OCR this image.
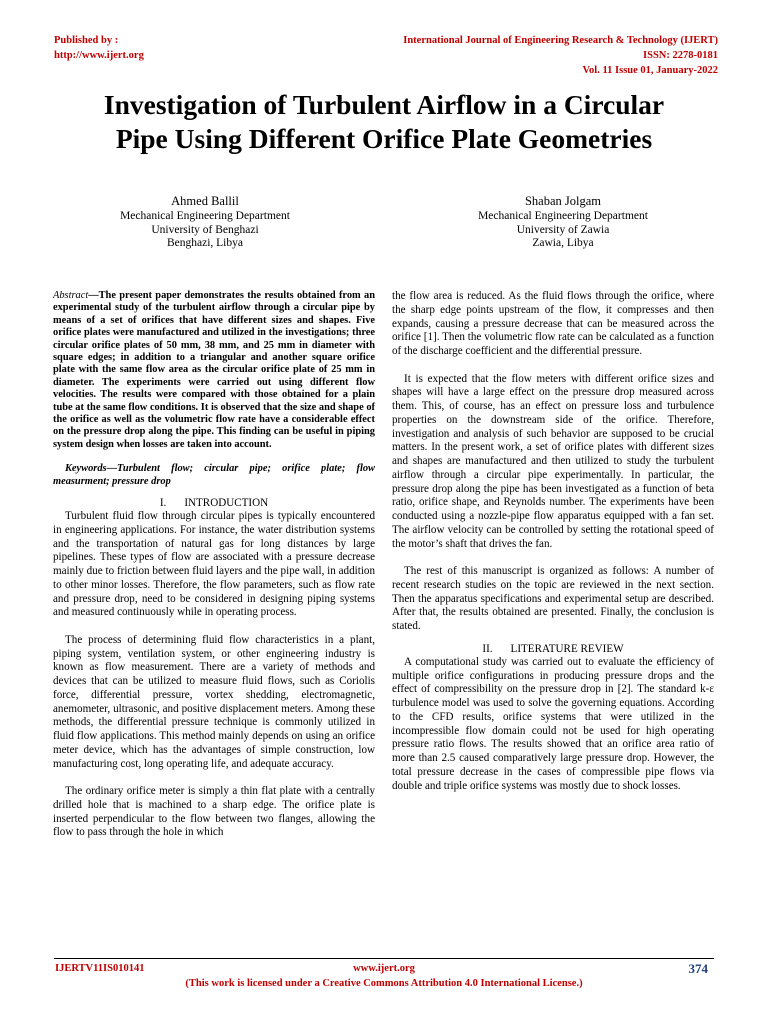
Published by :
http://www.ijert.org
International Journal of Engineering Research & Technology (IJERT)
ISSN: 2278-0181
Vol. 11 Issue 01, January-2022
Investigation of Turbulent Airflow in a Circular
Pipe Using Different Orifice Plate Geometries
Ahmed Ballil
Mechanical Engineering Department
University of Benghazi
Benghazi, Libya
Shaban Jolgam
Mechanical Engineering Department
University of Zawia
Zawia, Libya

Abstract—The present paper demonstrates the results obtained from an experimental study of the turbulent airflow through a circular pipe by means of a set of orifices that have different sizes and shapes. Five orifice plates were manufactured and utilized in the investigations; three circular orifice plates of 50 mm, 38 mm, and 25 mm in diameter with square edges; in addition to a triangular and another square orifice plate with the same flow area as the circular orifice plate of 25 mm in diameter. The experiments were carried out using different flow velocities. The results were compared with those obtained for a plain tube at the same flow conditions. It is observed that the size and shape of the orifice as well as the volumetric flow rate have a considerable effect on the pressure drop along the pipe. This finding can be useful in piping system design when losses are taken into account.

Keywords—Turbulent flow; circular pipe; orifice plate; flow measurment; pressure drop

I. INTRODUCTION

Turbulent fluid flow through circular pipes is typically encountered in engineering applications. For instance, the water distribution systems and the transportation of natural gas for long distances by large pipelines. These types of flow are associated with a pressure decrease mainly due to friction between fluid layers and the pipe wall, in addition to other minor losses. Therefore, the flow parameters, such as flow rate and pressure drop, need to be considered in designing piping systems and measured continuously while in operating process.

The process of determining fluid flow characteristics in a plant, piping system, ventilation system, or other engineering industry is known as flow measurement. There are a variety of methods and devices that can be utilized to measure fluid flows, such as Coriolis force, differential pressure, vortex shedding, electromagnetic, anemometer, ultrasonic, and positive displacement meters. Among these methods, the differential pressure technique is commonly utilized in fluid flow applications. This method mainly depends on using an orifice meter device, which has the advantages of simple construction, low manufacturing cost, long operating life, and adequate accuracy.

The ordinary orifice meter is simply a thin flat plate with a centrally drilled hole that is machined to a sharp edge. The orifice plate is inserted perpendicular to the flow between two flanges, allowing the flow to pass through the hole in which

the flow area is reduced. As the fluid flows through the orifice, where the sharp edge points upstream of the flow, it compresses and then expands, causing a pressure decrease that can be measured across the orifice [1]. Then the volumetric flow rate can be calculated as a function of the discharge coefficient and the differential pressure.

It is expected that the flow meters with different orifice sizes and shapes will have a large effect on the pressure drop measured across them. This, of course, has an effect on pressure loss and turbulence properties on the downstream side of the orifice. Therefore, investigation and analysis of such behavior are supposed to be crucial matters. In the present work, a set of orifice plates with different sizes and shapes are manufactured and then utilized to study the turbulent airflow through a circular pipe experimentally. In particular, the pressure drop along the pipe has been investigated as a function of beta ratio, orifice shape, and Reynolds number. The experiments have been conducted using a nozzle-pipe flow apparatus equipped with a fan set. The airflow velocity can be controlled by setting the rotational speed of the motor’s shaft that drives the fan.

The rest of this manuscript is organized as follows: A number of recent research studies on the topic are reviewed in the next section. Then the apparatus specifications and experimental setup are described. After that, the results obtained are presented. Finally, the conclusion is stated.

II. LITERATURE REVIEW

A computational study was carried out to evaluate the efficiency of multiple orifice configurations in producing pressure drops and the effect of compressibility on the pressure drop in [2]. The standard k-ε turbulence model was used to solve the governing equations. According to the CFD results, orifice systems that were utilized in the incompressible flow domain could not be used for high operating pressure ratio flows. The results showed that an orifice area ratio of more than 2.5 caused comparatively large pressure drop. However, the total pressure decrease in the cases of compressible pipe flows via double and triple orifice systems was mostly due to shock losses.

IJERTV11IS010141	www.ijert.org	374
(This work is licensed under a Creative Commons Attribution 4.0 International License.)
